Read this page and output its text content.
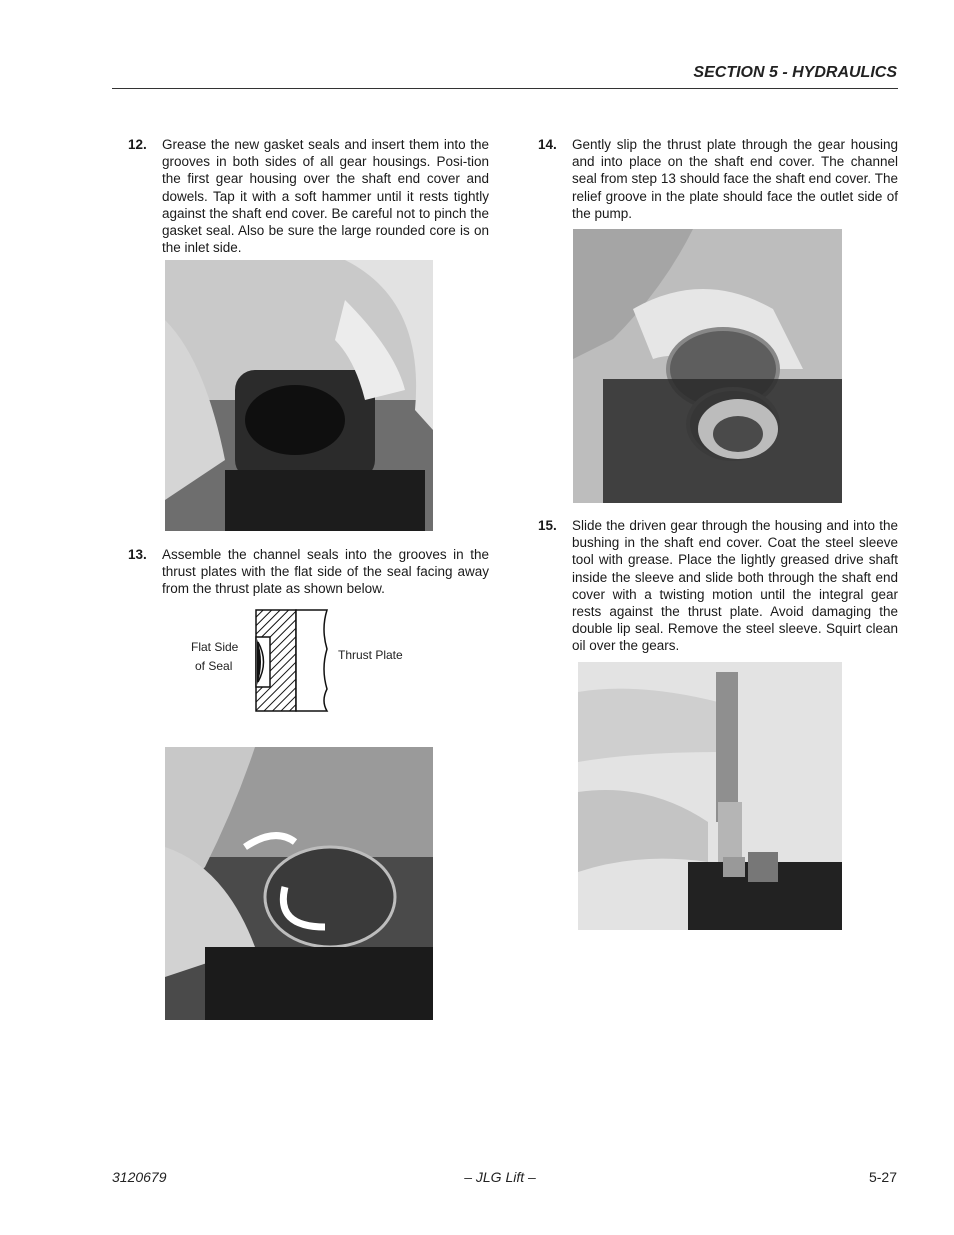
SECTION 5 - HYDRAULICS
12. Grease the new gasket seals and insert them into the grooves in both sides of all gear housings. Posi-tion the first gear housing over the shaft end cover and dowels. Tap it with a soft hammer until it rests tightly against the shaft end cover. Be careful not to pinch the gasket seal. Also be sure the large rounded core is on the inlet side.
13. Assemble the channel seals into the grooves in the thrust plates with the flat side of the seal facing away from the thrust plate as shown below.
Flat Side
of Seal
Thrust Plate
14. Gently slip the thrust plate through the gear housing and into place on the shaft end cover. The channel seal from step 13 should face the shaft end cover. The relief groove in the plate should face the outlet side of the pump.
15. Slide the driven gear through the housing and into the bushing in the shaft end cover. Coat the steel sleeve tool with grease. Place the lightly greased drive shaft inside the sleeve and slide both through the shaft end cover with a twisting motion until the integral gear rests against the thrust plate. Avoid damaging the double lip seal. Remove the steel sleeve. Squirt clean oil over the gears.
3120679	– JLG Lift –	5-27
